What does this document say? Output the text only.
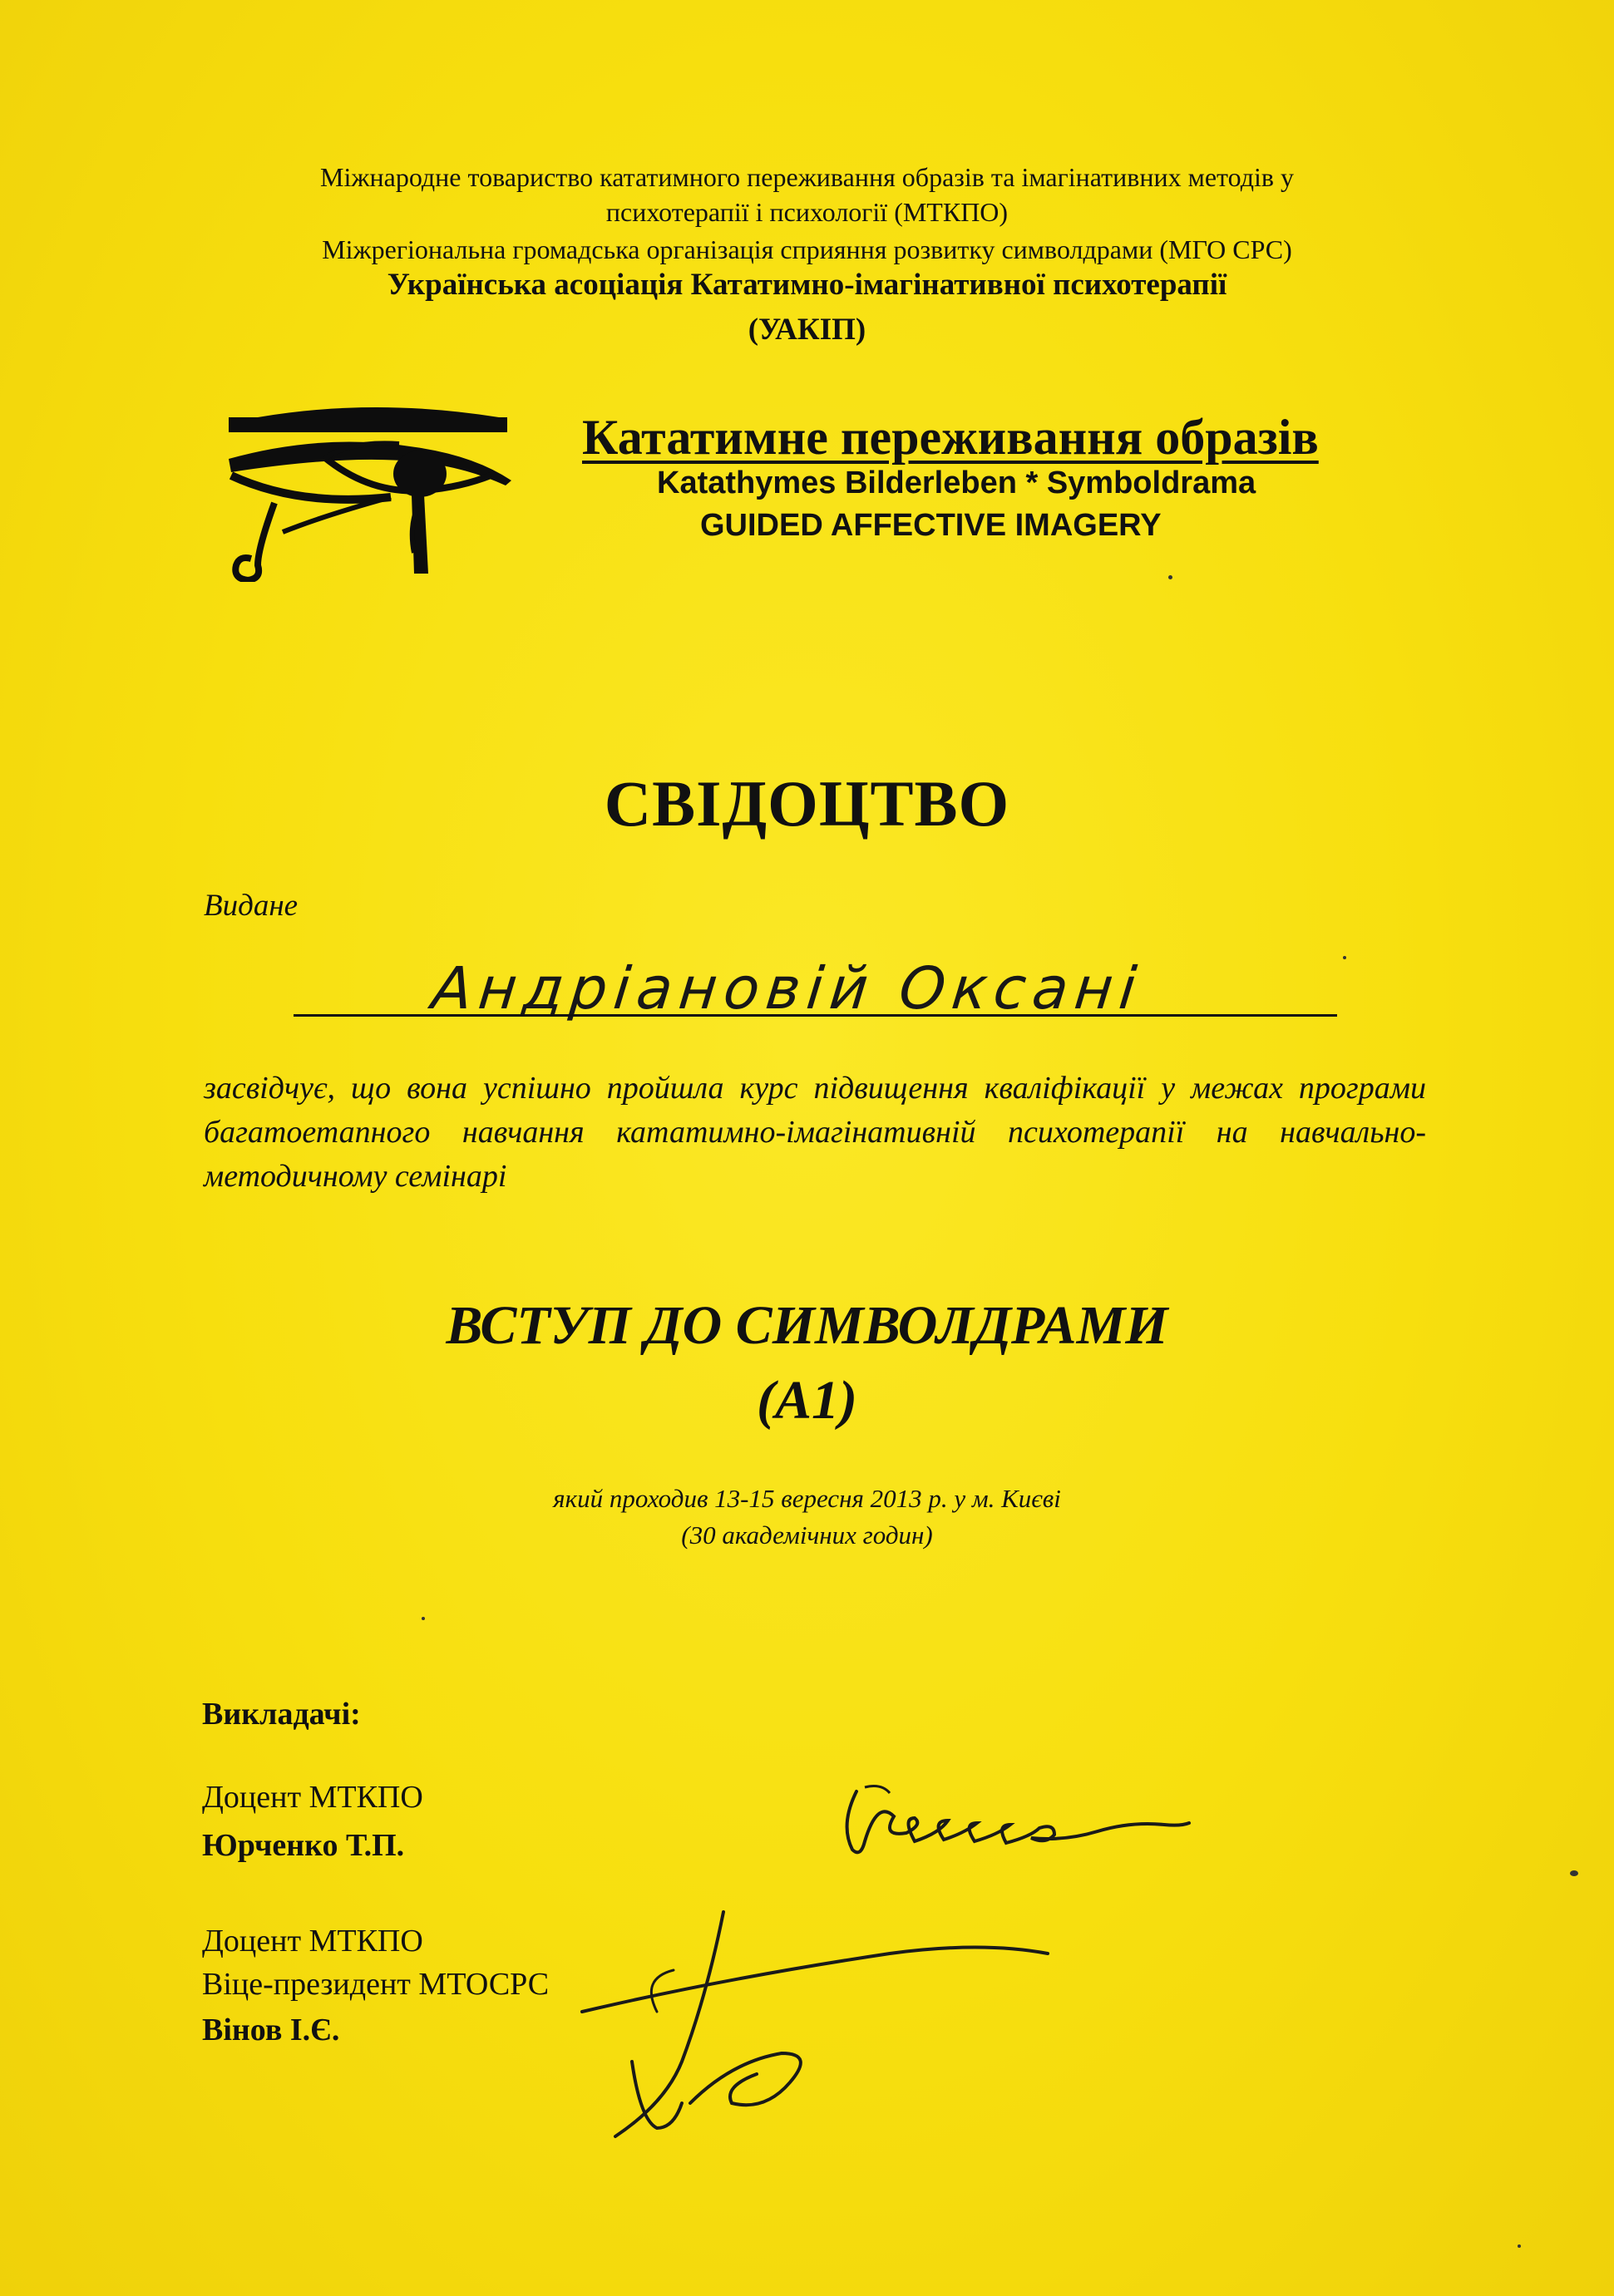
Міжнародне товариство кататимного переживання образів та імагінативних методів у
психотерапії і психології (МТКПО)
Міжрегіональна громадська організація сприяння розвитку символдрами (МГО СРС)
Українська асоціація Кататимно-імагінативної психотерапії
(УАКІП)
Кататимне переживання образів
Katathymes Bilderleben * Symboldrama
GUIDED AFFECTIVE IMAGERY
СВІДОЦТВО
Видане
Андріановій Оксані
засвідчує, що вона успішно пройшла курс підвищення кваліфікації у межах програми багатоетапного навчання кататимно-імагінативній психотерапії на навчально-методичному семінарі
ВСТУП ДО СИМВОЛДРАМИ
(А1)
який проходив 13-15 вересня 2013 р. у м. Києві
(30 академічних годин)
Викладачі:
Доцент МТКПО
Юрченко Т.П.
Доцент МТКПО
Віце-президент МТОСРС
Вінов І.Є.
